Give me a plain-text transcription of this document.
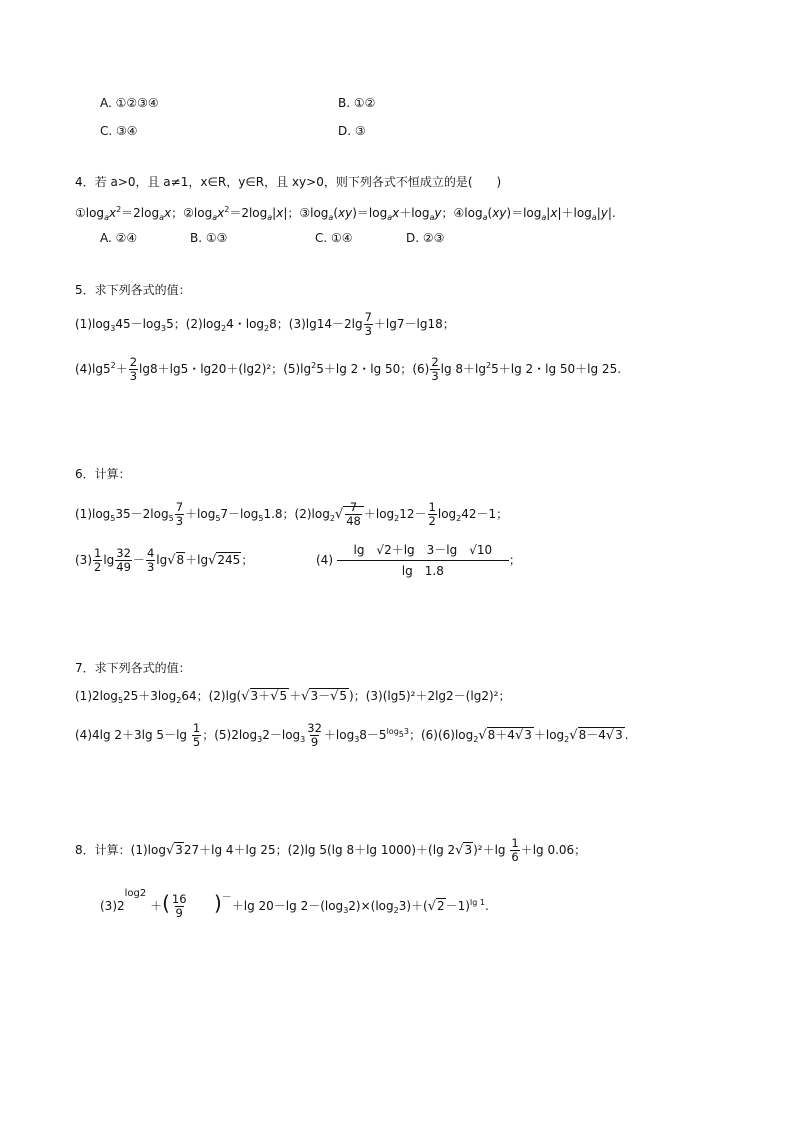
A. ①②③④	B. ①②
C. ③④	D. ③
4．若 a>0，且 a≠1，x∈R，y∈R，且 xy>0，则下列各式不恒成立的是(　　)
$①\log_ax^2=2\log_ax$；$②\log_ax^2=2\log_a|x|$；$③\log_a(xy)=\log_ax+\log_ay$；$④\log_a(xy)=\log_a|x|+\log_a|y|$.
A. ②④	B. ①③	C. ①④	D. ②③
5．求下列各式的值：
$(1)\log_345-\log_35$；$(2)\log_24$・$\log_28$；$(3)\lg 14-2\lg \frac{7}{3} +\lg 7-\lg 18$；
$(4)\lg 5^2+ \frac{2}{3} \lg 8+\lg 5$・lg20＋(lg2)²；$(5)\lg^25+\lg$ 2・lg 50；$(6) \frac{2}{3}$ $\lg 8+\lg^25+\lg$ 2・lg 50＋lg 25.
6．计算：
$(1)\log_535-2\log_5 \frac{7}{3} +\log_57-\log_51.8$；$(2)\log_2√ \frac{7}{48} +\log_212- \frac{1}{2} \log_242-1$；
$(3) \frac{1}{2}$ $\lg \frac{32}{49} - \frac{4}{3} \lg√8+\lg√245$；	$(4) \frac{\lg √2+\lg 3-\lg √10}{\lg 1.8}$ ；
7．求下列各式的值：
$(1)2\log_525+3\log_264$；(2)lg(√3＋√5 ＋√3－√5 )；(3)(lg5)²＋2lg2－(lg2)²；
(4)4lg 2＋3lg $5-\lg \frac{1}{5}$ ；$(5)2\log_32-\log_3 \frac{32}{9} +\log_38-5^{log_53}$；$(6)(6)\log_2√8+4√3 +\log_2√8-4√3$ .
8．计算：(1)log√327＋lg 4＋lg 25；(2)lg 5(lg 8＋lg 1000)＋(lg $2√3)^2+\lg \frac{1}{6} +\lg$ 0.06；
$(3)2^{log2}$ ＋( $\frac{16}{9} )^-+\lg$ 20－lg $2-(\log_32)\times(\log_23)+(√2-1)^{lg 1}$.
